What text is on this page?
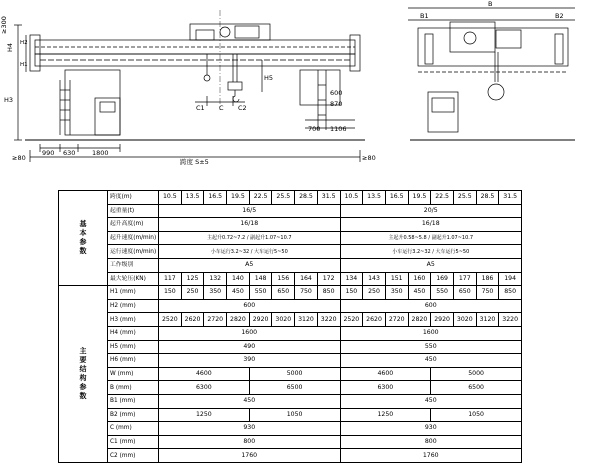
≥300
H4 H2
H1
H3
H5
C1 C C2
600
870
700 1106
990 630	1800
≥80	≥80
跨度 S±5
B
B1	B2
基本参数	跨度(m)	10.5	13.5	16.5	19.5	22.5	25.5	28.5	31.5	10.5	13.5	16.5	19.5	22.5	25.5	28.5	31.5
	起重量(t)	16/5								20/5							
	起升高度(m)	16/18								16/18							
	起升速度(m/min)	主起升0.72~7.2 / 副起升1.07~10.7								主起升0.58~5.8 / 副起升1.07~10.7							
	运行速度(m/min)	小车运行3.2~32 / 大车运行5~50								小车运行3.2~32 / 大车运行5~50							
	工作级别	A5								A5							
	最大轮压(KN)	117	125	132	140	148	156	164	172	134	143	151	160	169	177	186	194
主要结构参数	H1 (mm)	150	250	350	450	550	650	750	850	150	250	350	450	550	650	750	850
	H2 (mm)	600								600							
	H3 (mm)	2520	2620	2720	2820	2920	3020	3120	3220	2520	2620	2720	2820	2920	3020	3120	3220
	H4 (mm)	1600								1600							
	H5 (mm)	490								550							
	H6 (mm)	390								450							
	W (mm)	4600				5000				4600				5000			
	B (mm)	6300				6500				6300				6500			
	B1 (mm)	450								450							
	B2 (mm)	1250				1050				1250				1050			
	C (mm)	930								930							
	C1 (mm)	800								800							
	C2 (mm)	1760								1760							
